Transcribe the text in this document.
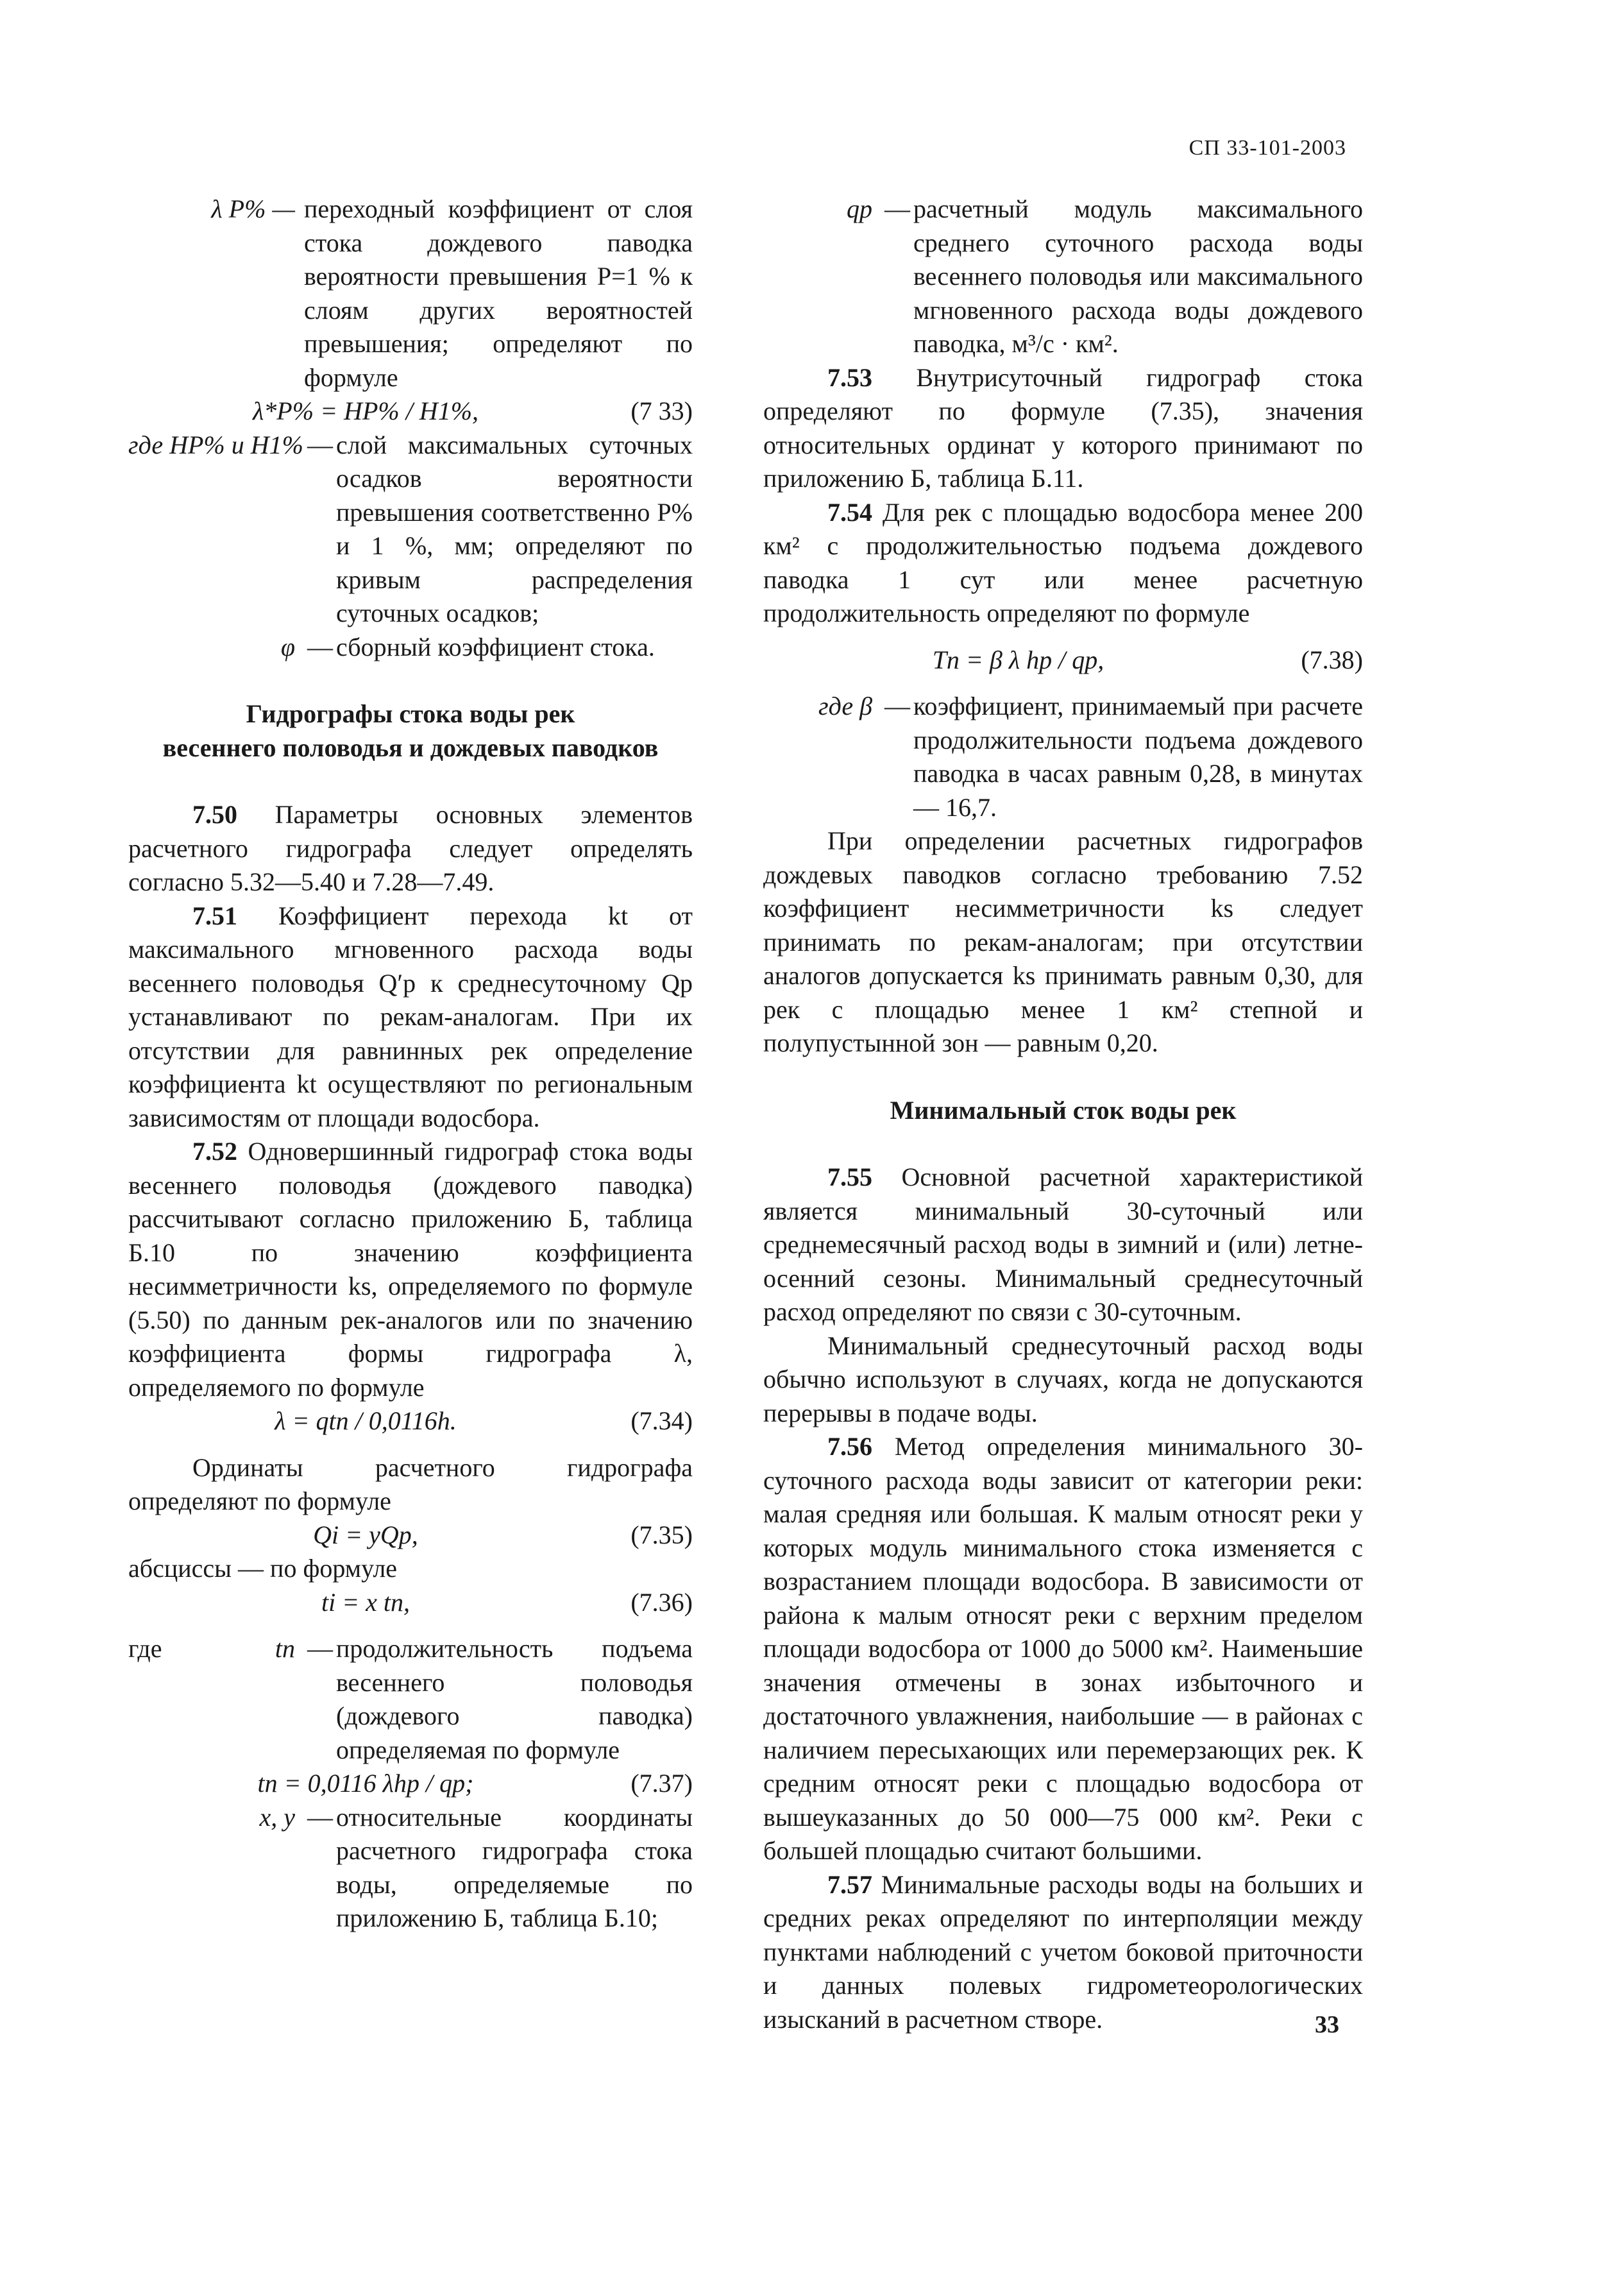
СП 33-101-2003
λ P% — переходный коэффициент от слоя стока дождевого паводка вероятности превышения P=1 % к слоям других вероятностей превышения; определяют по формуле
λ*P% = HP% / H1%,	(7 33)
где HP% и H1% — слой максимальных суточных осадков вероятности превышения соответственно P% и 1 %, мм; определяют по кривым распределения суточных осадков;
φ — сборный коэффициент стока.

Гидрографы стока воды рек

весеннего половодья и дождевых паводков

7.50 Параметры основных элементов расчетного гидрографа следует определять согласно 5.32—5.40 и 7.28—7.49.

7.51 Коэффициент перехода kt от максимального мгновенного расхода воды весеннего половодья Q′p к среднесуточному Qp устанавливают по рекам-аналогам. При их отсутствии для равнинных рек определение коэффициента kt осуществляют по региональным зависимостям от площади водосбора.

7.52 Одновершинный гидрограф стока воды весеннего половодья (дождевого паводка) рассчитывают согласно приложению Б, таблица Б.10 по значению коэффициента несимметричности ks, определяемого по формуле (5.50) по данным рек-аналогов или по значению коэффициента формы гидрографа λ, определяемого по формуле

λ = qtп / 0,0116h.	(7.34)

Ординаты расчетного гидрографа определяют по формуле

Qi = yQp,	(7.35)

абсциссы — по формуле

ti = x tп,	(7.36)
где	tп — продолжительность подъема весеннего половодья (дождевого паводка) определяемая по формуле
tп = 0,0116 λhp / qp;	(7.37)
x, y — относительные координаты расчетного гидрографа стока воды, определяемые по приложению Б, таблица Б.10;
qp — расчетный модуль максимального среднего суточного расхода воды весеннего половодья или максимального мгновенного расхода воды дождевого паводка, м³/с · км².

7.53 Внутрисуточный гидрограф стока определяют по формуле (7.35), значения относительных ординат y которого принимают по приложению Б, таблица Б.11.

7.54 Для рек с площадью водосбора менее 200 км² с продолжительностью подъема дождевого паводка 1 сут или менее расчетную продолжительность определяют по формуле

Tп = β λ hp / qp,	(7.38)
где β — коэффициент, принимаемый при расчете продолжительности подъема дождевого паводка в часах равным 0,28, в минутах — 16,7.

При определении расчетных гидрографов дождевых паводков согласно требованию 7.52 коэффициент несимметричности ks следует принимать по рекам-аналогам; при отсутствии аналогов допускается ks принимать равным 0,30, для рек с площадью менее 1 км² степной и полупустынной зон — равным 0,20.

Минимальный сток воды рек

7.55 Основной расчетной характеристикой является минимальный 30-суточный или среднемесячный расход воды в зимний и (или) летне-осенний сезоны. Минимальный среднесуточный расход определяют по связи с 30-суточным.

Минимальный среднесуточный расход воды обычно используют в случаях, когда не допускаются перерывы в подаче воды.

7.56 Метод определения минимального 30-суточного расхода воды зависит от категории реки: малая средняя или большая. К малым относят реки у которых модуль минимального стока изменяется с возрастанием площади водосбора. В зависимости от района к малым относят реки с верхним пределом площади водосбора от 1000 до 5000 км². Наименьшие значения отмечены в зонах избыточного и достаточного увлажнения, наибольшие — в районах с наличием пересыхающих или перемерзающих рек. К средним относят реки с площадью водосбора от вышеуказанных до 50 000—75 000 км². Реки с большей площадью считают большими.

7.57 Минимальные расходы воды на больших и средних реках определяют по интерполяции между пунктами наблюдений с учетом боковой приточности и данных полевых гидрометеорологических изысканий в расчетном створе.	33
